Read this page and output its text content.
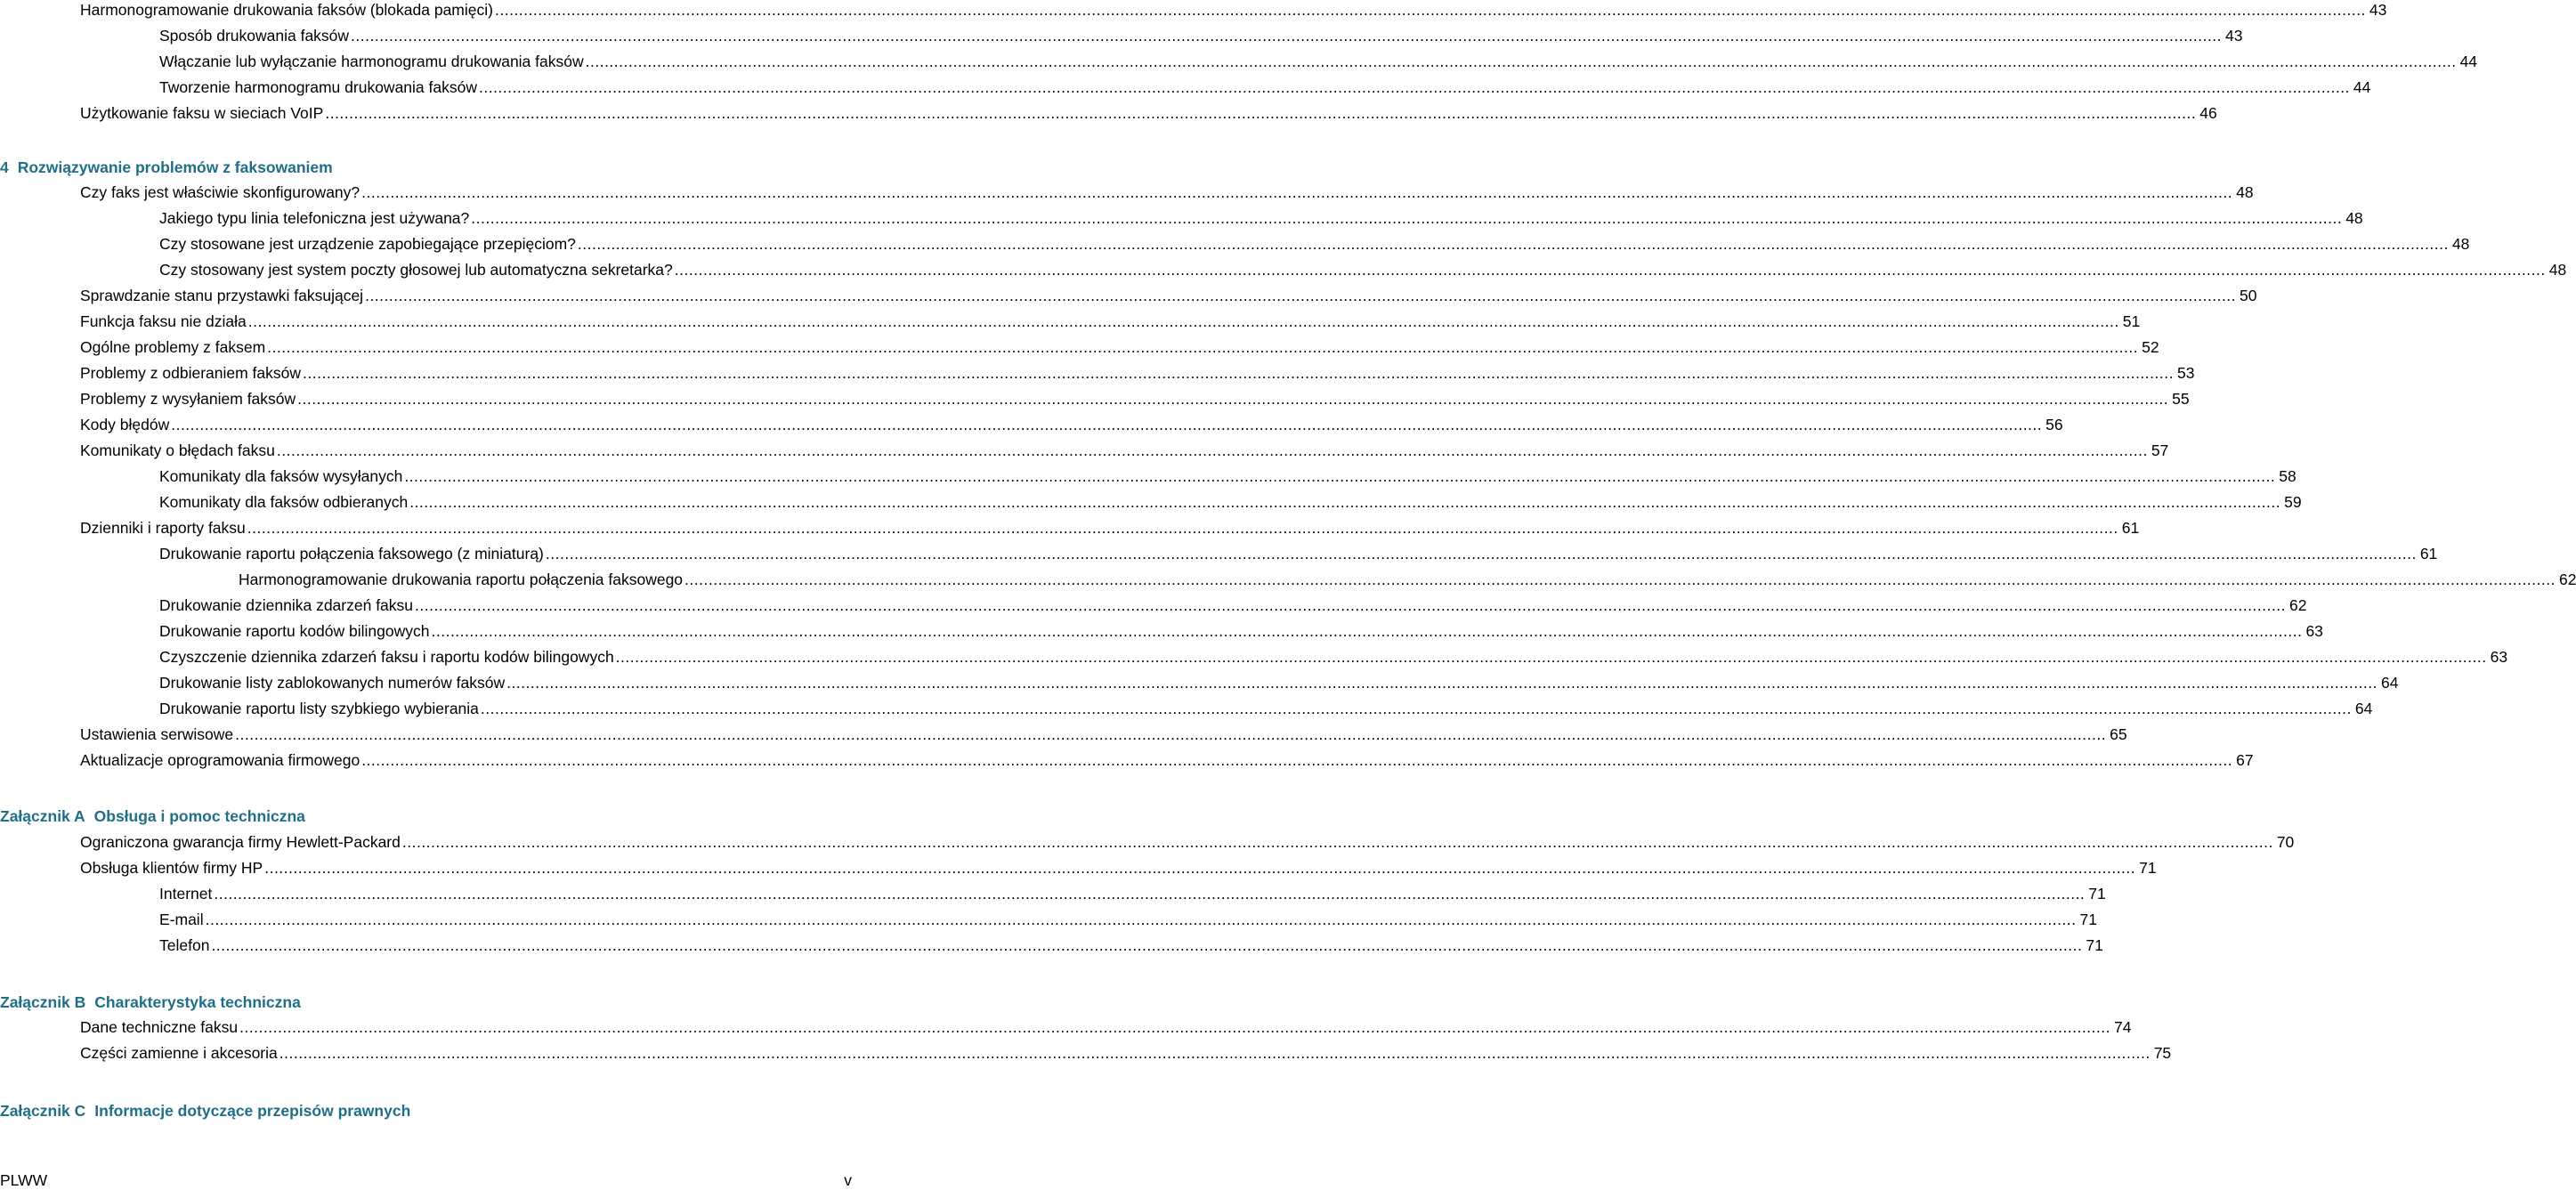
Harmonogramowanie drukowania faksów (blokada pamięci) .....	43
Sposób drukowania faksów .....	43
Włączanie lub wyłączanie harmonogramu drukowania faksów .....	44
Tworzenie harmonogramu drukowania faksów .....	44
Użytkowanie faksu w sieciach VoIP .....	46
4 Rozwiązywanie problemów z faksowaniem
Czy faks jest właściwie skonfigurowany? .....	48
Jakiego typu linia telefoniczna jest używana? .....	48
Czy stosowane jest urządzenie zapobiegające przepięciom? .....	48
Czy stosowany jest system poczty głosowej lub automatyczna sekretarka? .....	48
Sprawdzanie stanu przystawki faksującej .....	50
Funkcja faksu nie działa .....	51
Ogólne problemy z faksem .....	52
Problemy z odbieraniem faksów .....	53
Problemy z wysyłaniem faksów .....	55
Kody błędów .....	56
Komunikaty o błędach faksu .....	57
Komunikaty dla faksów wysyłanych .....	58
Komunikaty dla faksów odbieranych .....	59
Dzienniki i raporty faksu .....	61
Drukowanie raportu połączenia faksowego (z miniaturą) .....	61
Harmonogramowanie drukowania raportu połączenia faksowego .....	62
Drukowanie dziennika zdarzeń faksu .....	62
Drukowanie raportu kodów bilingowych .....	63
Czyszczenie dziennika zdarzeń faksu i raportu kodów bilingowych .....	63
Drukowanie listy zablokowanych numerów faksów .....	64
Drukowanie raportu listy szybkiego wybierania .....	64
Ustawienia serwisowe .....	65
Aktualizacje oprogramowania firmowego .....	67
Załącznik A Obsługa i pomoc techniczna
Ograniczona gwarancja firmy Hewlett-Packard .....	70
Obsługa klientów firmy HP .....	71
Internet .....	71
E-mail .....	71
Telefon .....	71
Załącznik B Charakterystyka techniczna
Dane techniczne faksu .....	74
Części zamienne i akcesoria .....	75
Załącznik C Informacje dotyczące przepisów prawnych
PLWW	v
